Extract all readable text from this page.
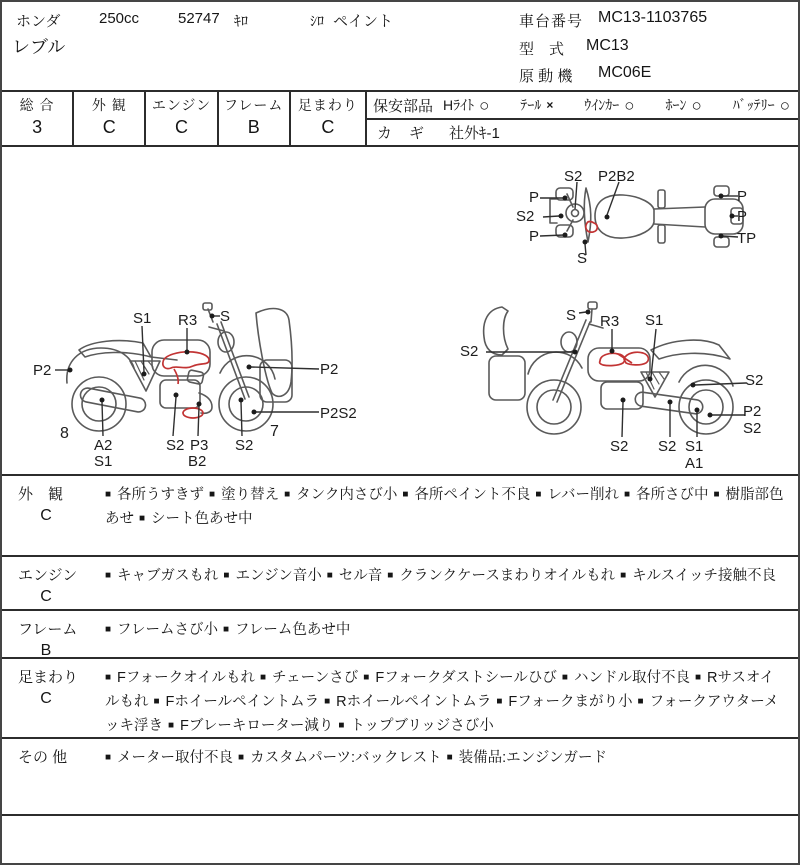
ホンダ	250cc	52747 ｷﾛ	ｼﾛ ペイント
レブル
車台番号 MC13-1103765
型　式 MC13
原 動 機 MC06E
総 合
3
外 観
C
エンジン
C
フレーム
B
足まわり
C
保安部品 Hﾗｲﾄ ○ ﾃｰﾙ × ｳｲﾝｶｰ ○ ﾎｰﾝ ○ ﾊﾞｯﾃﾘｰ ○
カ　ギ 社外ｷ-1
S2 P2B2
P
S2
P
S
P
P
TP
S1 R3 S
P2	P2
P2S2
8
A2
S1
S2 P3
B2
S2
7
S R3 S1
S2
S2
P2
S2
S2 S2 S1
A1
外　観
C
■ 各所うすきず ■ 塗り替え ■ タンク内さび小 ■ 各所ペイント不良 ■ レバー削れ ■ 各所さび中 ■ 樹脂部色あせ ■ シート色あせ中
エンジン
C
■ キャブガスもれ ■ エンジン音小 ■ セル音 ■ クランクケースまわりオイルもれ ■ キルスイッチ接触不良
フレーム
B
■ フレームさび小 ■ フレーム色あせ中
足まわり
C
■ Fフォークオイルもれ ■ チェーンさび ■ Fフォークダストシールひび ■ ハンドル取付不良 ■ Rサスオイルもれ ■ Fホイールペイントムラ ■ Rホイールペイントムラ ■ Fフォークまがり小 ■ フォークアウターメッキ浮き ■ Fブレーキローター減り ■ トップブリッジさび小
その 他	■ メーター取付不良 ■ カスタムパーツ:バックレスト ■ 装備品:エンジンガード
